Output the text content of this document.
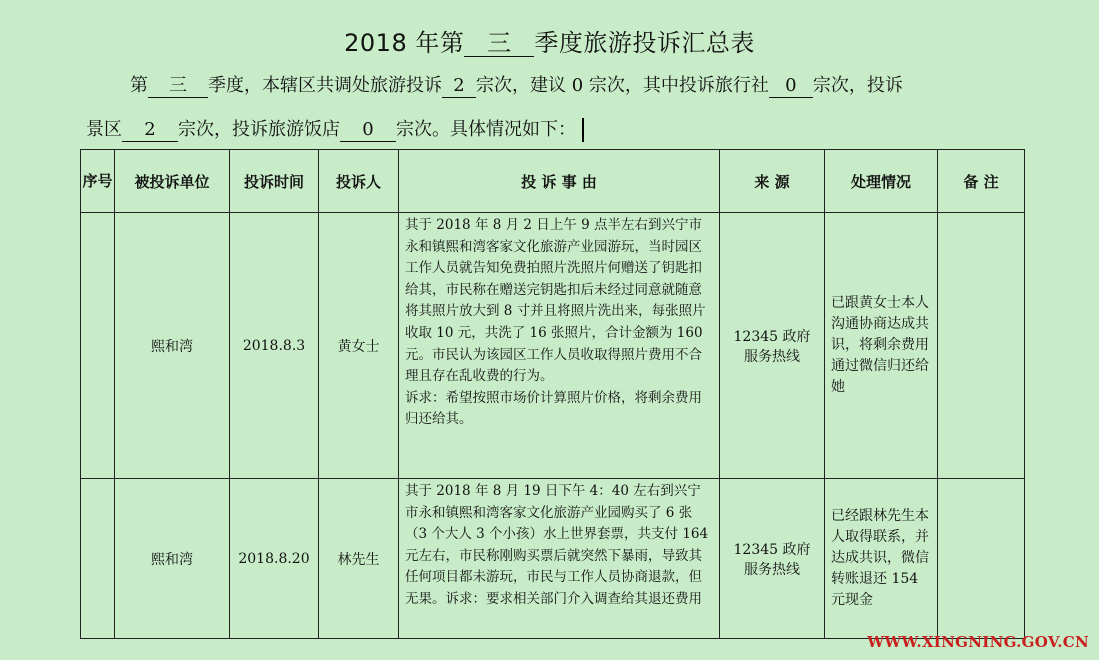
2018 年第 三 季度旅游投诉汇总表
第 三 季度，本辖区共调处旅游投诉 2 宗次，建议 0 宗次，其中投诉旅行社 0 宗次，投诉
景区 2 宗次，投诉旅游饭店 0 宗次。具体情况如下：
序号	被投诉单位	投诉时间	投诉人	投 诉 事 由	来 源	处理情况	备 注
	熙和湾	2018.8.3	黄女士	其于 2018 年 8 月 2 日上午 9 点半左右到兴宁市永和镇熙和湾客家文化旅游产业园游玩，当时园区工作人员就告知免费拍照片洗照片何赠送了钥匙扣给其，市民称在赠送完钥匙扣后未经过同意就随意将其照片放大到 8 寸并且将照片洗出来，每张照片收取 10 元，共洗了 16 张照片，合计金额为 160 元。市民认为该园区工作人员收取得照片费用不合理且存在乱收费的行为。
诉求：希望按照市场价计算照片价格，将剩余费用归还给其。	12345 政府服务热线	已跟黄女士本人沟通协商达成共识，将剩余费用通过微信归还给她	
	熙和湾	2018.8.20	林先生	其于 2018 年 8 月 19 日下午 4：40 左右到兴宁市永和镇熙和湾客家文化旅游产业园购买了 6 张（3 个大人 3 个小孩）水上世界套票，共支付 164 元左右，市民称刚购买票后就突然下暴雨，导致其任何项目都未游玩，市民与工作人员协商退款，但无果。诉求：要求相关部门介入调查给其退还费用	12345 政府服务热线	已经跟林先生本人取得联系，并达成共识，微信转账退还 154 元现金	
WWW.XINGNING.GOV.CN
